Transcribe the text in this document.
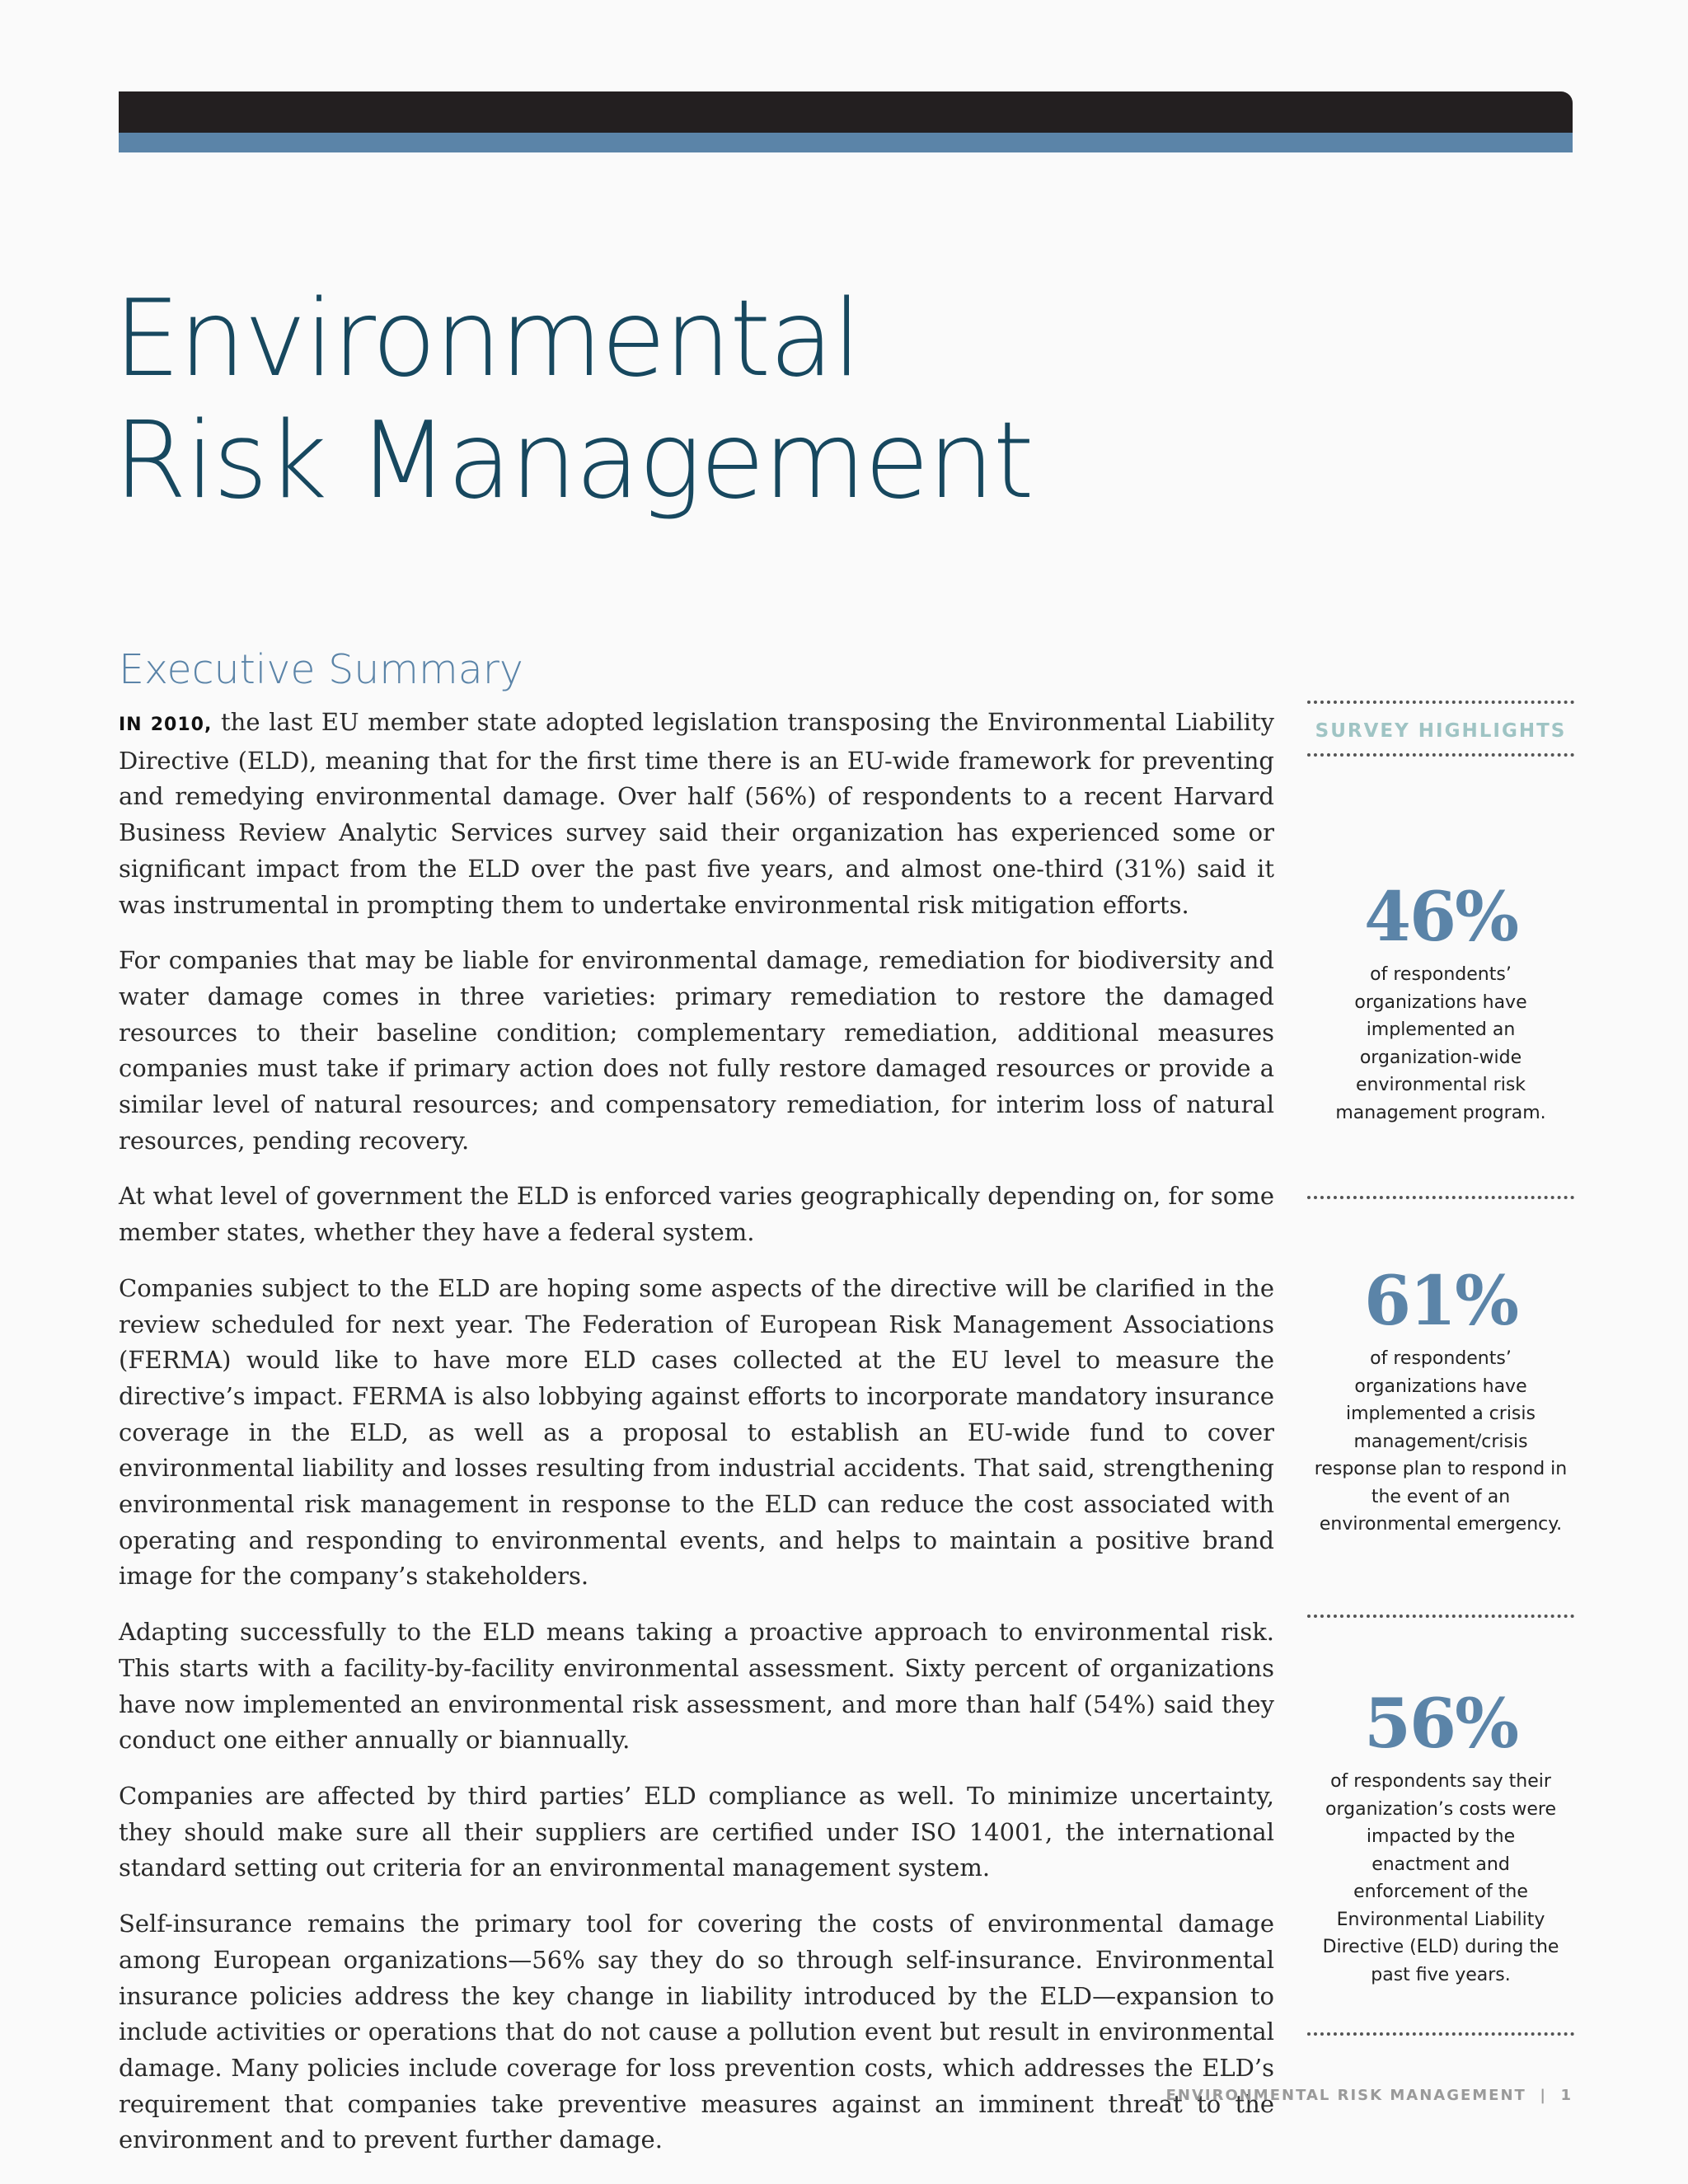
Environmental
Risk Management
Executive Summary

IN 2010, the last EU member state adopted legislation transposing the Environmental Liability Directive (ELD), meaning that for the first time there is an EU-wide framework for preventing and remedying environmental damage. Over half (56%) of respondents to a recent Harvard Business Review Analytic Services survey said their organization has experienced some or significant impact from the ELD over the past five years, and almost one-third (31%) said it was instrumental in prompting them to undertake environmental risk mitigation efforts.

For companies that may be liable for environmental damage, remediation for biodiversity and water damage comes in three varieties: primary remediation to restore the damaged resources to their baseline condition; complementary remediation, additional measures companies must take if primary action does not fully restore damaged resources or provide a similar level of natural resources; and compensatory remediation, for interim loss of natural resources, pending recovery.

At what level of government the ELD is enforced varies geographically depending on, for some member states, whether they have a federal system.

Companies subject to the ELD are hoping some aspects of the directive will be clarified in the review scheduled for next year. The Federation of European Risk Management Associations (FERMA) would like to have more ELD cases collected at the EU level to measure the directive’s impact. FERMA is also lobbying against efforts to incorporate mandatory insurance coverage in the ELD, as well as a proposal to establish an EU-wide fund to cover environmental liability and losses resulting from industrial accidents. That said, strengthening environmental risk management in response to the ELD can reduce the cost associated with operating and responding to environmental events, and helps to maintain a positive brand image for the company’s stakeholders.

Adapting successfully to the ELD means taking a proactive approach to environmental risk. This starts with a facility-by-facility environmental assessment. Sixty percent of organizations have now implemented an environmental risk assessment, and more than half (54%) said they conduct one either annually or biannually.

Companies are affected by third parties’ ELD compliance as well. To minimize uncertainty, they should make sure all their suppliers are certified under ISO 14001, the international standard setting out criteria for an environmental management system.

Self-insurance remains the primary tool for covering the costs of environmental damage among European organizations—56% say they do so through self-insurance. Environmental insurance policies address the key change in liability introduced by the ELD—expansion to include activities or operations that do not cause a pollution event but result in environmental damage. Many policies include coverage for loss prevention costs, which addresses the ELD’s requirement that companies take preventive measures against an imminent threat to the environment and to prevent further damage.

SURVEY HIGHLIGHTS
46%
of respondents’ organizations have implemented an organization-wide environmental risk management program.
61%
of respondents’ organizations have implemented a crisis management/crisis response plan to respond in the event of an environmental emergency.
56%
of respondents say their organization’s costs were impacted by the enactment and enforcement of the Environmental Liability Directive (ELD) during the past five years.
ENVIRONMENTAL RISK MANAGEMENT  |  1
